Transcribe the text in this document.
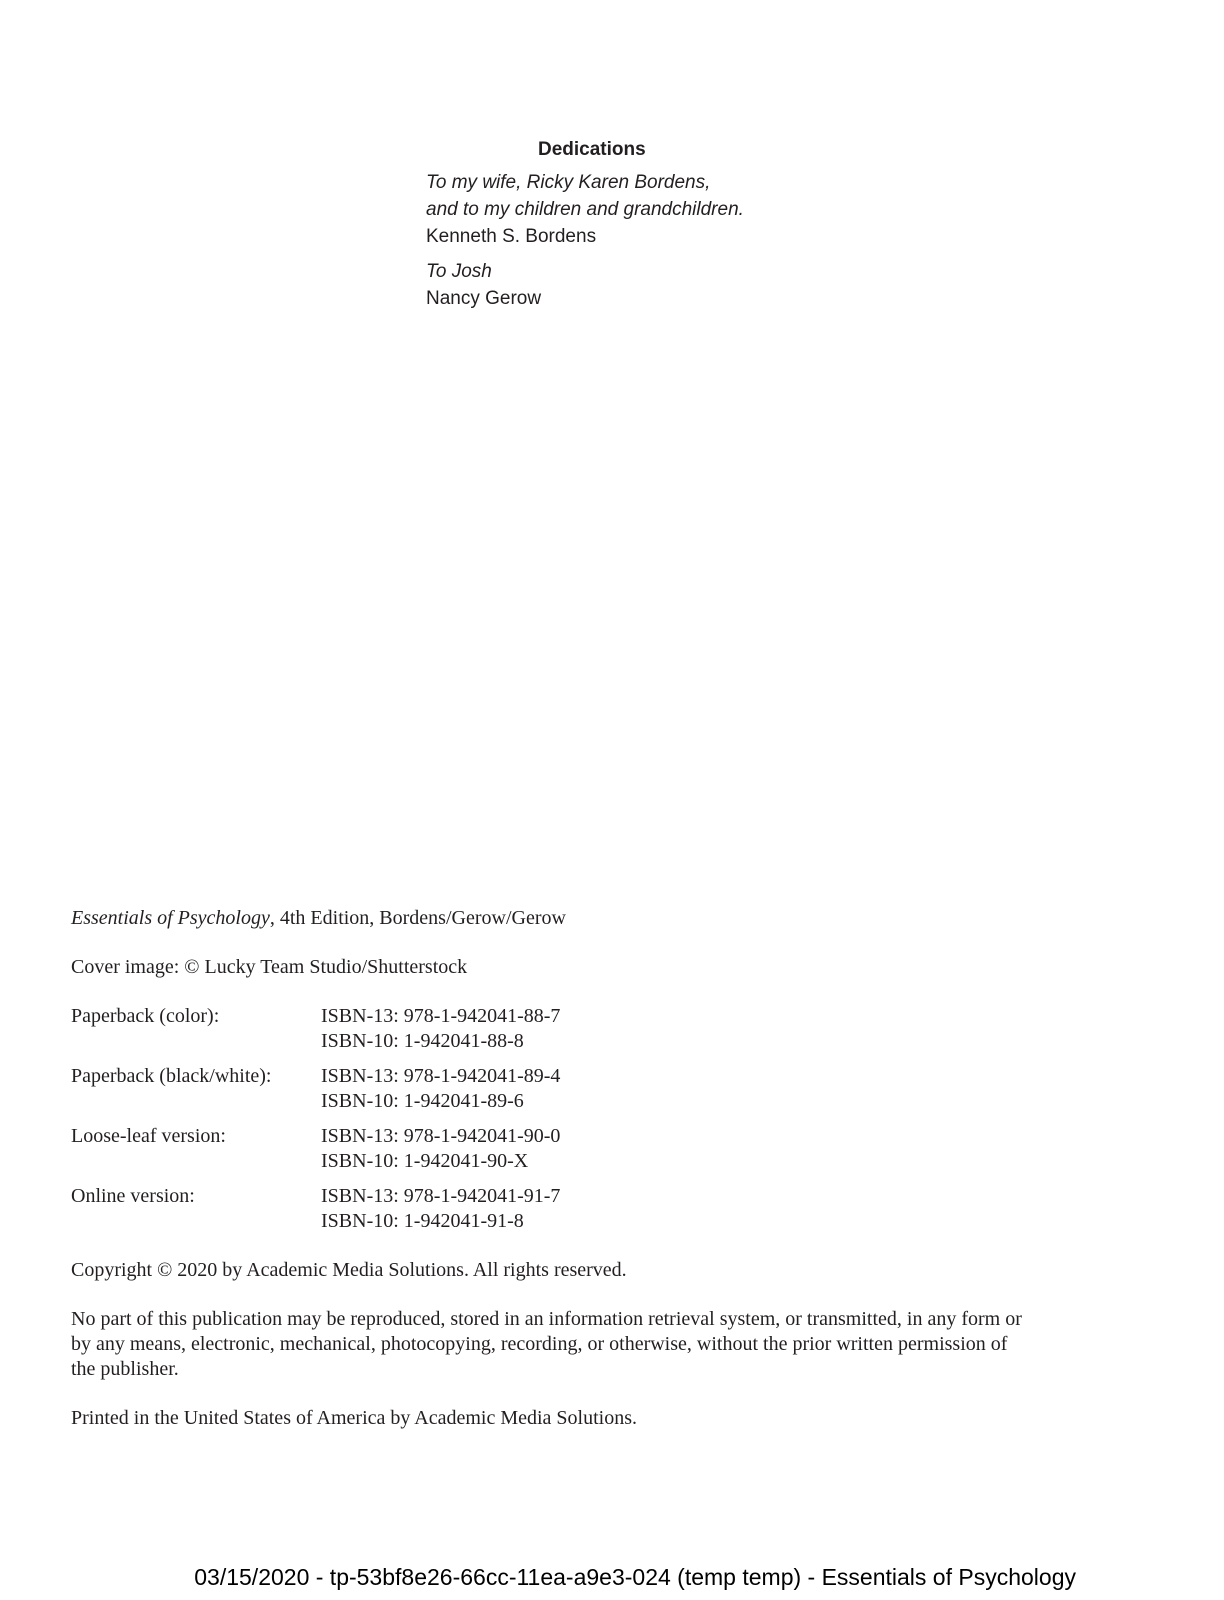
Dedications

To my wife, Ricky Karen Bordens,

and to my children and grandchildren.

Kenneth S. Bordens

To Josh

Nancy Gerow

Essentials of Psychology, 4th Edition, Bordens/Gerow/Gerow

Cover image: © Lucky Team Studio/Shutterstock

Paperback (color):	ISBN-13: 978-1-942041-88-7
ISBN-10: 1-942041-88-8
Paperback (black/white):	ISBN-13: 978-1-942041-89-4
ISBN-10: 1-942041-89-6
Loose-leaf version:	ISBN-13: 978-1-942041-90-0
ISBN-10: 1-942041-90-X
Online version:	ISBN-13: 978-1-942041-91-7
ISBN-10: 1-942041-91-8

Copyright © 2020 by Academic Media Solutions. All rights reserved.

No part of this publication may be reproduced, stored in an information retrieval system, or transmitted, in any form or
by any means, electronic, mechanical, photocopying, recording, or otherwise, without the prior written permission of
the publisher.

Printed in the United States of America by Academic Media Solutions.

03/15/2020 - tp-53bf8e26-66cc-11ea-a9e3-024 (temp temp) - Essentials of Psychology
